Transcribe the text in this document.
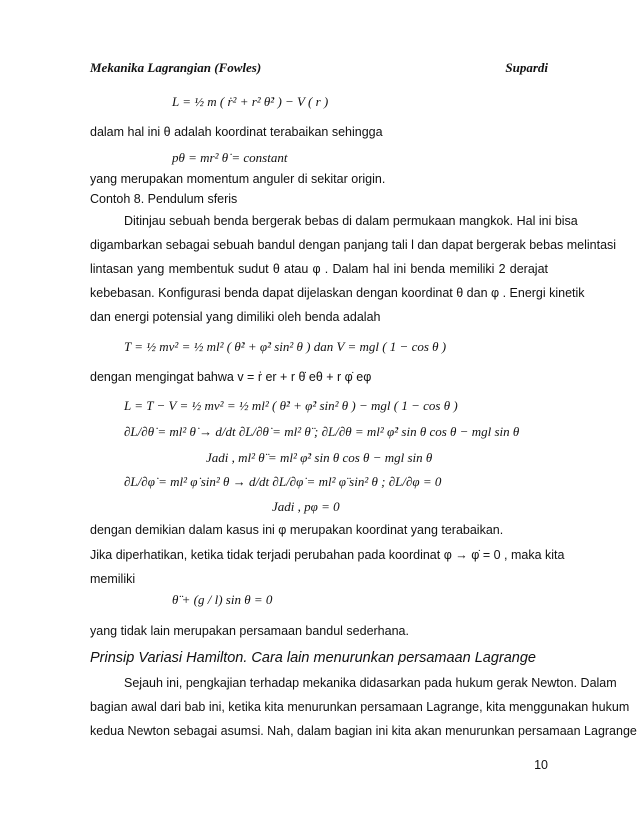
Mekanika Lagrangian (Fowles)	Supardi
L = ½ m ( ṙ² + r² θ̇² ) − V ( r )
dalam hal ini θ adalah koordinat terabaikan sehingga
pθ = mr² θ̇ = constant
yang merupakan momentum anguler di sekitar origin.
Contoh 8. Pendulum sferis
Ditinjau sebuah benda bergerak bebas di dalam permukaan mangkok. Hal ini bisa
digambarkan sebagai sebuah bandul dengan panjang tali l dan dapat bergerak bebas melintasi
lintasan yang membentuk sudut θ atau φ . Dalam hal ini benda memiliki 2 derajat
kebebasan. Konfigurasi benda dapat dijelaskan dengan koordinat θ dan φ . Energi kinetik
dan energi potensial yang dimiliki oleh benda adalah
T = ½ mv² = ½ ml² ( θ̇² + φ̇² sin² θ ) dan V = mgl ( 1 − cos θ )
dengan mengingat bahwa v = ṙ er + r θ̇ eθ + r φ̇ eφ
L = T − V = ½ mv² = ½ ml² ( θ̇² + φ̇² sin² θ ) − mgl ( 1 − cos θ )
∂L/∂θ̇ = ml² θ̇ → d/dt ∂L/∂θ̇ = ml² θ̈ ; ∂L/∂θ = ml² φ̇² sin θ cos θ − mgl sin θ
Jadi , ml² θ̈ = ml² φ̇² sin θ cos θ − mgl sin θ
∂L/∂φ̇ = ml² φ̇ sin² θ → d/dt ∂L/∂φ̇ = ml² φ̈ sin² θ ; ∂L/∂φ = 0
Jadi , pφ = 0
dengan demikian dalam kasus ini φ merupakan koordinat yang terabaikan.
Jika diperhatikan, ketika tidak terjadi perubahan pada koordinat φ → φ̇ = 0 , maka kita
memiliki
θ̈ + (g / l) sin θ = 0
yang tidak lain merupakan persamaan bandul sederhana.
Prinsip Variasi Hamilton. Cara lain menurunkan persamaan Lagrange
Sejauh ini, pengkajian terhadap mekanika didasarkan pada hukum gerak Newton. Dalam
bagian awal dari bab ini, ketika kita menurunkan persamaan Lagrange, kita menggunakan hukum
kedua Newton sebagai asumsi. Nah, dalam bagian ini kita akan menurunkan persamaan Lagrange
10
